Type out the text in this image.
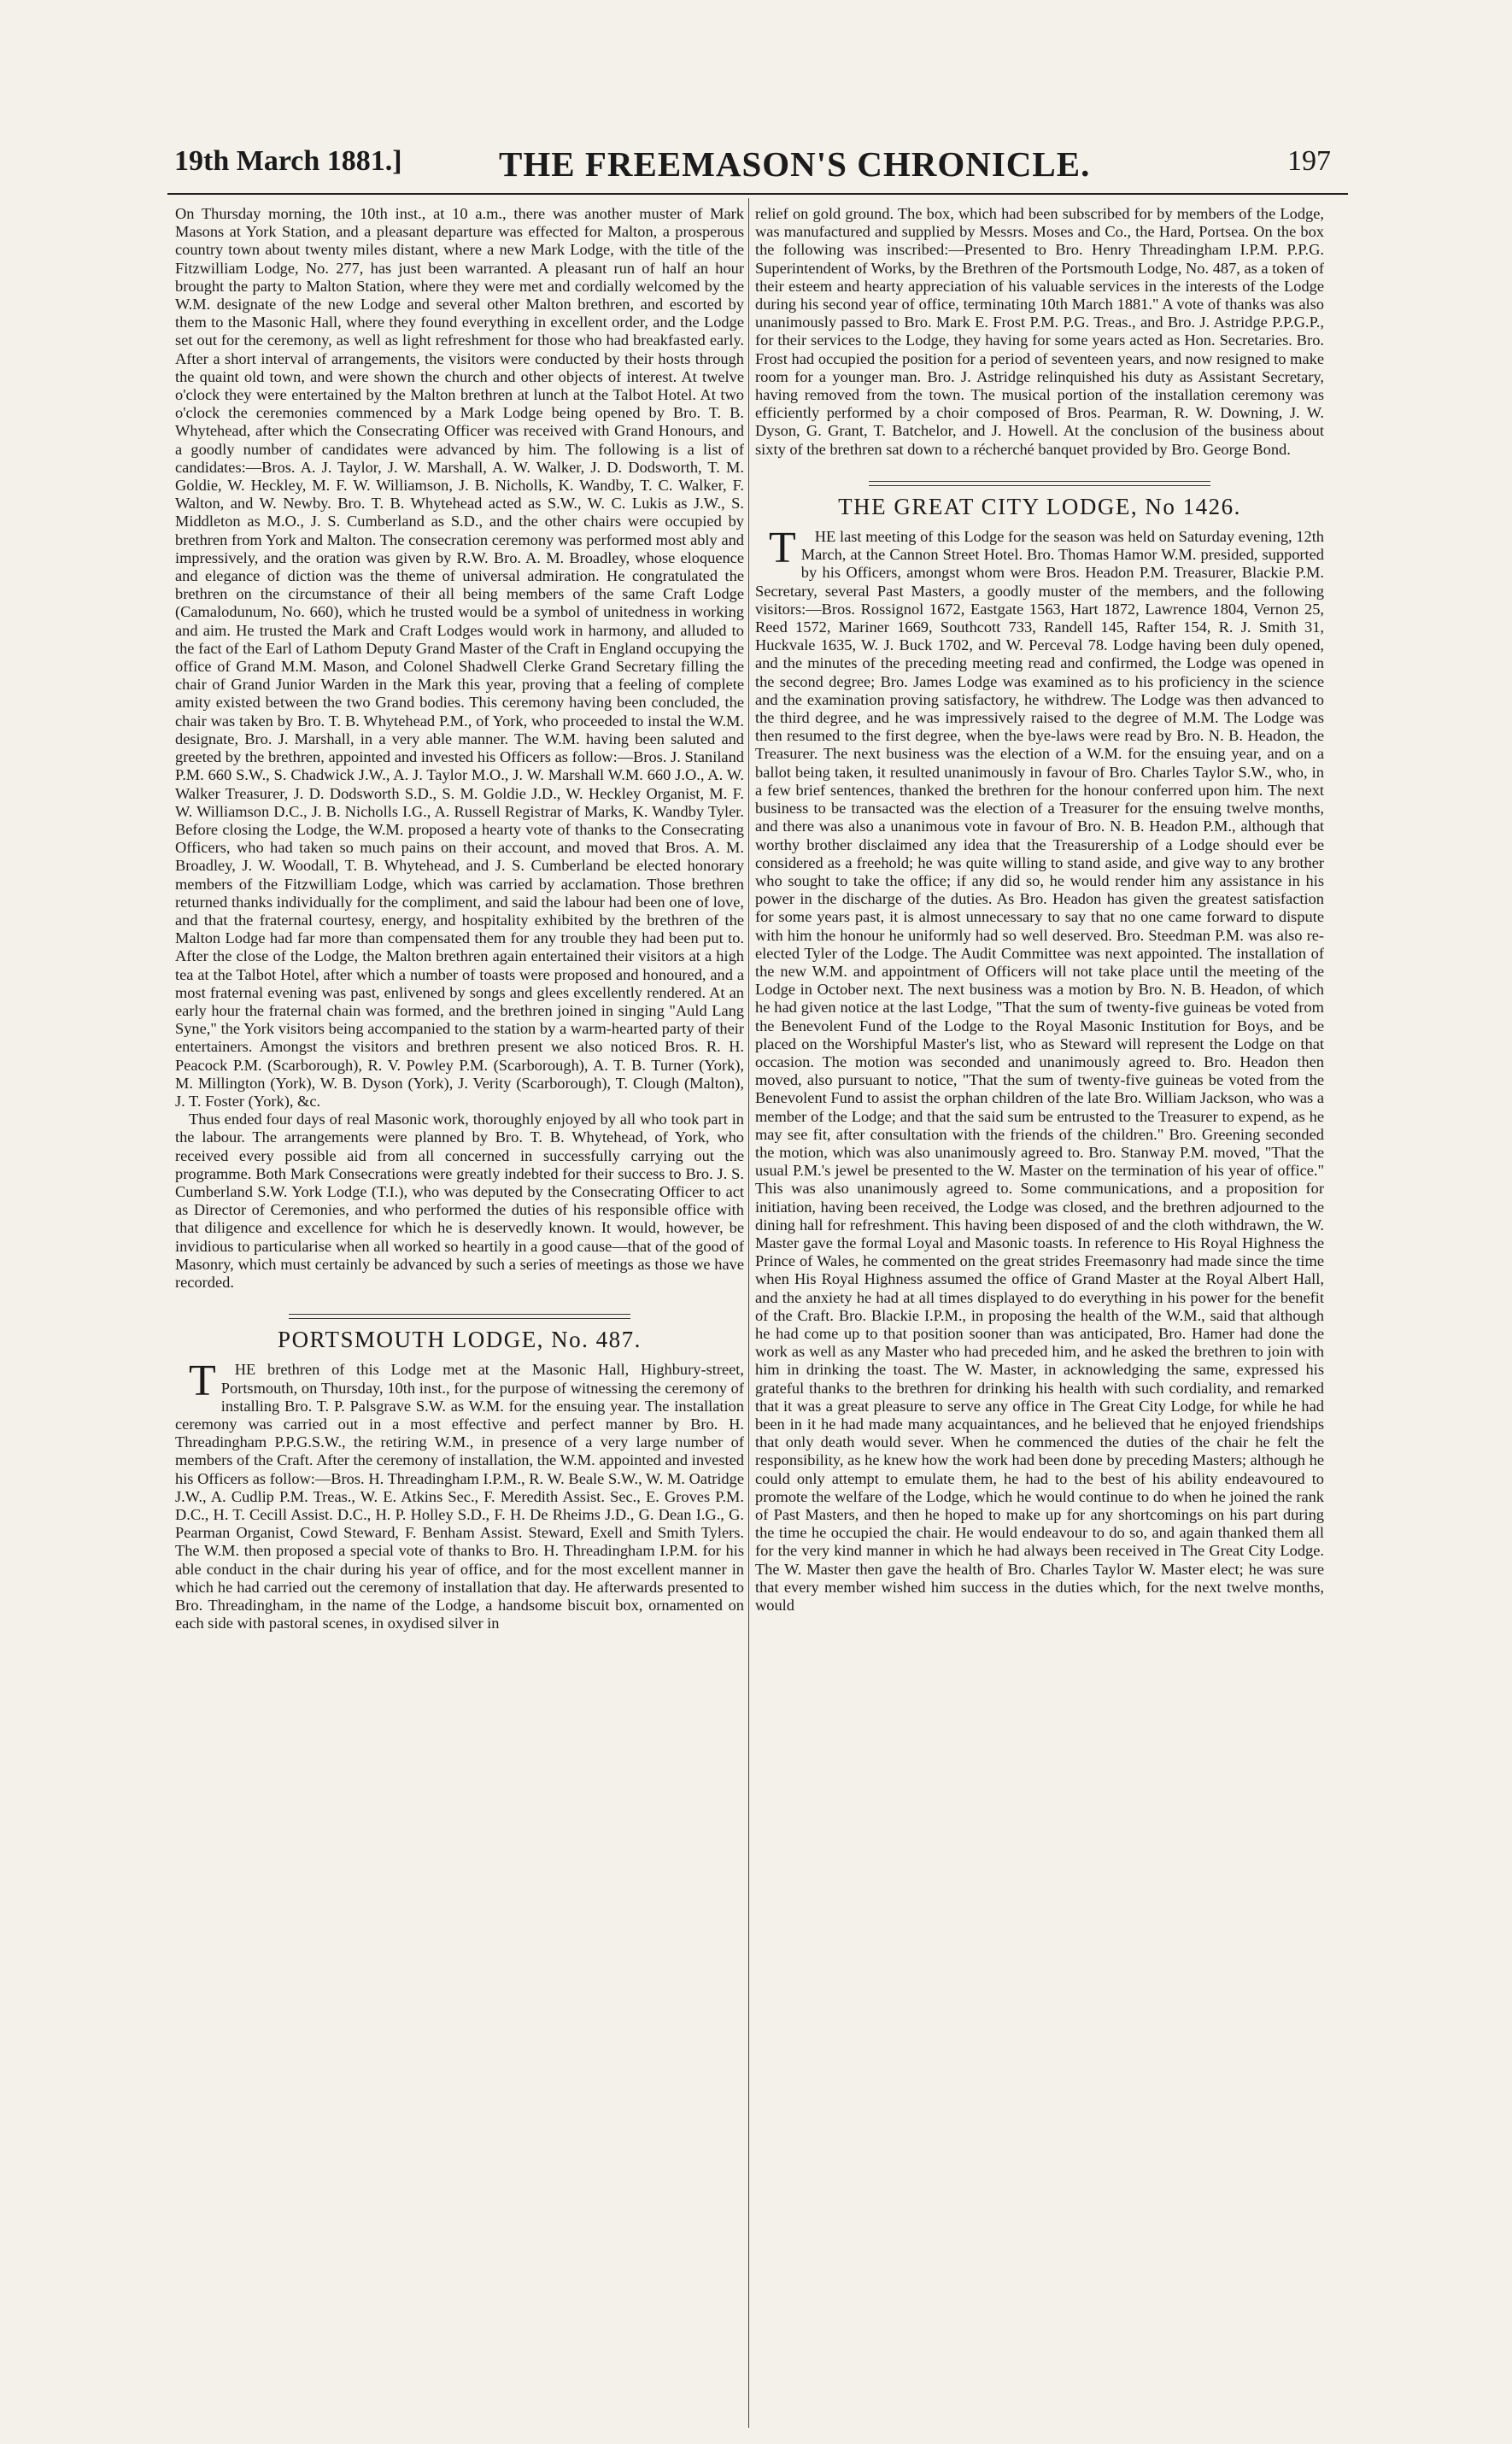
19th March 1881.]	THE FREEMASON'S CHRONICLE.	197

On Thursday morning, the 10th inst., at 10 a.m., there was another muster of Mark Masons at York Station, and a pleasant departure was effected for Malton, a prosperous country town about twenty miles distant, where a new Mark Lodge, with the title of the Fitzwilliam Lodge, No. 277, has just been warranted. A pleasant run of half an hour brought the party to Malton Station, where they were met and cordially welcomed by the W.M. designate of the new Lodge and several other Malton brethren, and escorted by them to the Masonic Hall, where they found everything in excellent order, and the Lodge set out for the ceremony, as well as light refreshment for those who had breakfasted early. After a short interval of arrangements, the visitors were conducted by their hosts through the quaint old town, and were shown the church and other objects of interest. At twelve o'clock they were entertained by the Malton brethren at lunch at the Talbot Hotel. At two o'clock the ceremonies commenced by a Mark Lodge being opened by Bro. T. B. Whytehead, after which the Consecrating Officer was received with Grand Honours, and a goodly number of candidates were advanced by him. The following is a list of candidates:—Bros. A. J. Taylor, J. W. Marshall, A. W. Walker, J. D. Dodsworth, T. M. Goldie, W. Heckley, M. F. W. Williamson, J. B. Nicholls, K. Wandby, T. C. Walker, F. Walton, and W. Newby. Bro. T. B. Whytehead acted as S.W., W. C. Lukis as J.W., S. Middleton as M.O., J. S. Cumberland as S.D., and the other chairs were occupied by brethren from York and Malton. The consecration ceremony was performed most ably and impressively, and the oration was given by R.W. Bro. A. M. Broadley, whose eloquence and elegance of diction was the theme of universal admiration. He congratulated the brethren on the circumstance of their all being members of the same Craft Lodge (Camalodunum, No. 660), which he trusted would be a symbol of unitedness in working and aim. He trusted the Mark and Craft Lodges would work in harmony, and alluded to the fact of the Earl of Lathom Deputy Grand Master of the Craft in England occupying the office of Grand M.M. Mason, and Colonel Shadwell Clerke Grand Secretary filling the chair of Grand Junior Warden in the Mark this year, proving that a feeling of complete amity existed between the two Grand bodies. This ceremony having been concluded, the chair was taken by Bro. T. B. Whytehead P.M., of York, who proceeded to instal the W.M. designate, Bro. J. Marshall, in a very able manner. The W.M. having been saluted and greeted by the brethren, appointed and invested his Officers as follow:—Bros. J. Staniland P.M. 660 S.W., S. Chadwick J.W., A. J. Taylor M.O., J. W. Marshall W.M. 660 J.O., A. W. Walker Treasurer, J. D. Dodsworth S.D., S. M. Goldie J.D., W. Heckley Organist, M. F. W. Williamson D.C., J. B. Nicholls I.G., A. Russell Registrar of Marks, K. Wandby Tyler. Before closing the Lodge, the W.M. proposed a hearty vote of thanks to the Consecrating Officers, who had taken so much pains on their account, and moved that Bros. A. M. Broadley, J. W. Woodall, T. B. Whytehead, and J. S. Cumberland be elected honorary members of the Fitzwilliam Lodge, which was carried by acclamation. Those brethren returned thanks individually for the compliment, and said the labour had been one of love, and that the fraternal courtesy, energy, and hospitality exhibited by the brethren of the Malton Lodge had far more than compensated them for any trouble they had been put to. After the close of the Lodge, the Malton brethren again entertained their visitors at a high tea at the Talbot Hotel, after which a number of toasts were proposed and honoured, and a most fraternal evening was past, enlivened by songs and glees excellently rendered. At an early hour the fraternal chain was formed, and the brethren joined in singing "Auld Lang Syne," the York visitors being accompanied to the station by a warm-hearted party of their entertainers. Amongst the visitors and brethren present we also noticed Bros. R. H. Peacock P.M. (Scarborough), R. V. Powley P.M. (Scarborough), A. T. B. Turner (York), M. Millington (York), W. B. Dyson (York), J. Verity (Scarborough), T. Clough (Malton), J. T. Foster (York), &c.

Thus ended four days of real Masonic work, thoroughly enjoyed by all who took part in the labour. The arrangements were planned by Bro. T. B. Whytehead, of York, who received every possible aid from all concerned in successfully carrying out the programme. Both Mark Consecrations were greatly indebted for their success to Bro. J. S. Cumberland S.W. York Lodge (T.I.), who was deputed by the Consecrating Officer to act as Director of Ceremonies, and who performed the duties of his responsible office with that diligence and excellence for which he is deservedly known. It would, however, be invidious to particularise when all worked so heartily in a good cause—that of the good of Masonry, which must certainly be advanced by such a series of meetings as those we have recorded.

PORTSMOUTH LODGE, No. 487.

T	HE brethren of this Lodge met at the Masonic Hall, Highbury-street, Portsmouth, on Thursday, 10th inst., for the purpose of witnessing the ceremony of installing Bro. T. P. Palsgrave S.W. as W.M. for the ensuing year. The installation ceremony was carried out in a most effective and perfect manner by Bro. H. Threadingham P.P.G.S.W., the retiring W.M., in presence of a very large number of members of the Craft. After the ceremony of installation, the W.M. appointed and invested his Officers as follow:—Bros. H. Threadingham I.P.M., R. W. Beale S.W., W. M. Oatridge J.W., A. Cudlip P.M. Treas., W. E. Atkins Sec., F. Meredith Assist. Sec., E. Groves P.M. D.C., H. T. Cecill Assist. D.C., H. P. Holley S.D., F. H. De Rheims J.D., G. Dean I.G., G. Pearman Organist, Cowd Steward, F. Benham Assist. Steward, Exell and Smith Tylers. The W.M. then proposed a special vote of thanks to Bro. H. Threadingham I.P.M. for his able conduct in the chair during his year of office, and for the most excellent manner in which he had carried out the ceremony of installation that day. He afterwards presented to Bro. Threadingham, in the name of the Lodge, a handsome biscuit box, ornamented on each side with pastoral scenes, in oxydised silver in

relief on gold ground. The box, which had been subscribed for by members of the Lodge, was manufactured and supplied by Messrs. Moses and Co., the Hard, Portsea. On the box the following was inscribed:—Presented to Bro. Henry Threadingham I.P.M. P.P.G. Superintendent of Works, by the Brethren of the Portsmouth Lodge, No. 487, as a token of their esteem and hearty appreciation of his valuable services in the interests of the Lodge during his second year of office, terminating 10th March 1881." A vote of thanks was also unanimously passed to Bro. Mark E. Frost P.M. P.G. Treas., and Bro. J. Astridge P.P.G.P., for their services to the Lodge, they having for some years acted as Hon. Secretaries. Bro. Frost had occupied the position for a period of seventeen years, and now resigned to make room for a younger man. Bro. J. Astridge relinquished his duty as Assistant Secretary, having removed from the town. The musical portion of the installation ceremony was efficiently performed by a choir composed of Bros. Pearman, R. W. Downing, J. W. Dyson, G. Grant, T. Batchelor, and J. Howell. At the conclusion of the business about sixty of the brethren sat down to a récherché banquet provided by Bro. George Bond.

THE GREAT CITY LODGE, No 1426.

T	HE last meeting of this Lodge for the season was held on Saturday evening, 12th March, at the Cannon Street Hotel. Bro. Thomas Hamor W.M. presided, supported by his Officers, amongst whom were Bros. Headon P.M. Treasurer, Blackie P.M. Secretary, several Past Masters, a goodly muster of the members, and the following visitors:—Bros. Rossignol 1672, Eastgate 1563, Hart 1872, Lawrence 1804, Vernon 25, Reed 1572, Mariner 1669, Southcott 733, Randell 145, Rafter 154, R. J. Smith 31, Huckvale 1635, W. J. Buck 1702, and W. Perceval 78. Lodge having been duly opened, and the minutes of the preceding meeting read and confirmed, the Lodge was opened in the second degree; Bro. James Lodge was examined as to his proficiency in the science and the examination proving satisfactory, he withdrew. The Lodge was then advanced to the third degree, and he was impressively raised to the degree of M.M. The Lodge was then resumed to the first degree, when the bye-laws were read by Bro. N. B. Headon, the Treasurer. The next business was the election of a W.M. for the ensuing year, and on a ballot being taken, it resulted unanimously in favour of Bro. Charles Taylor S.W., who, in a few brief sentences, thanked the brethren for the honour conferred upon him. The next business to be transacted was the election of a Treasurer for the ensuing twelve months, and there was also a unanimous vote in favour of Bro. N. B. Headon P.M., although that worthy brother disclaimed any idea that the Treasurership of a Lodge should ever be considered as a freehold; he was quite willing to stand aside, and give way to any brother who sought to take the office; if any did so, he would render him any assistance in his power in the discharge of the duties. As Bro. Headon has given the greatest satisfaction for some years past, it is almost unnecessary to say that no one came forward to dispute with him the honour he uniformly had so well deserved. Bro. Steedman P.M. was also re-elected Tyler of the Lodge. The Audit Committee was next appointed. The installation of the new W.M. and appointment of Officers will not take place until the meeting of the Lodge in October next. The next business was a motion by Bro. N. B. Headon, of which he had given notice at the last Lodge, "That the sum of twenty-five guineas be voted from the Benevolent Fund of the Lodge to the Royal Masonic Institution for Boys, and be placed on the Worshipful Master's list, who as Steward will represent the Lodge on that occasion. The motion was seconded and unanimously agreed to. Bro. Headon then moved, also pursuant to notice, "That the sum of twenty-five guineas be voted from the Benevolent Fund to assist the orphan children of the late Bro. William Jackson, who was a member of the Lodge; and that the said sum be entrusted to the Treasurer to expend, as he may see fit, after consultation with the friends of the children." Bro. Greening seconded the motion, which was also unanimously agreed to. Bro. Stanway P.M. moved, "That the usual P.M.'s jewel be presented to the W. Master on the termination of his year of office." This was also unanimously agreed to. Some communications, and a proposition for initiation, having been received, the Lodge was closed, and the brethren adjourned to the dining hall for refreshment. This having been disposed of and the cloth withdrawn, the W. Master gave the formal Loyal and Masonic toasts. In reference to His Royal Highness the Prince of Wales, he commented on the great strides Freemasonry had made since the time when His Royal Highness assumed the office of Grand Master at the Royal Albert Hall, and the anxiety he had at all times displayed to do everything in his power for the benefit of the Craft. Bro. Blackie I.P.M., in proposing the health of the W.M., said that although he had come up to that position sooner than was anticipated, Bro. Hamer had done the work as well as any Master who had preceded him, and he asked the brethren to join with him in drinking the toast. The W. Master, in acknowledging the same, expressed his grateful thanks to the brethren for drinking his health with such cordiality, and remarked that it was a great pleasure to serve any office in The Great City Lodge, for while he had been in it he had made many acquaintances, and he believed that he enjoyed friendships that only death would sever. When he commenced the duties of the chair he felt the responsibility, as he knew how the work had been done by preceding Masters; although he could only attempt to emulate them, he had to the best of his ability endeavoured to promote the welfare of the Lodge, which he would continue to do when he joined the rank of Past Masters, and then he hoped to make up for any shortcomings on his part during the time he occupied the chair. He would endeavour to do so, and again thanked them all for the very kind manner in which he had always been received in The Great City Lodge. The W. Master then gave the health of Bro. Charles Taylor W. Master elect; he was sure that every member wished him success in the duties which, for the next twelve months, would
